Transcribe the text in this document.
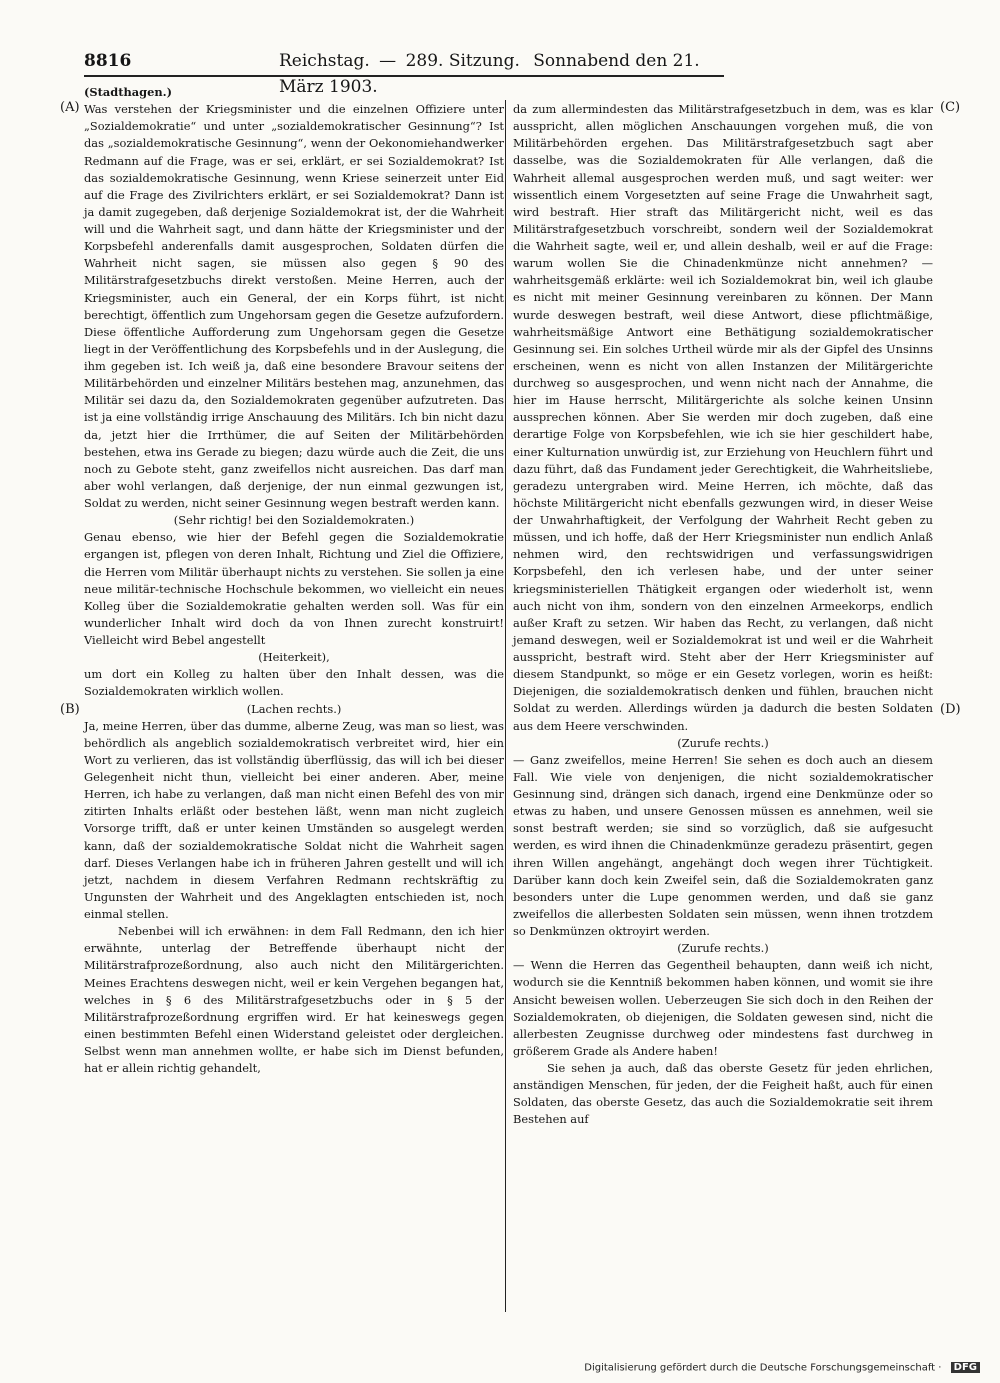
8816	Reichstag. — 289. Sitzung. Sonnabend den 21. März 1903.
(A)
(B)
(C)
(D)

(Stadthagen.)

Was verstehen der Kriegsminister und die einzelnen Offiziere unter „Sozialdemokratie“ und unter „sozialdemokratischer Gesinnung“? Ist das „sozialdemokratische Gesinnung“, wenn der Oekonomiehandwerker Redmann auf die Frage, was er sei, erklärt, er sei Sozialdemokrat? Ist das sozialdemokratische Gesinnung, wenn Kriese seinerzeit unter Eid auf die Frage des Zivilrichters erklärt, er sei Sozialdemokrat? Dann ist ja damit zugegeben, daß derjenige Sozialdemokrat ist, der die Wahrheit will und die Wahrheit sagt, und dann hätte der Kriegsminister und der Korpsbefehl anderenfalls damit ausgesprochen, Soldaten dürfen die Wahrheit nicht sagen, sie müssen also gegen § 90 des Militärstrafgesetzbuchs direkt verstoßen. Meine Herren, auch der Kriegsminister, auch ein General, der ein Korps führt, ist nicht berechtigt, öffentlich zum Ungehorsam gegen die Gesetze aufzufordern. Diese öffentliche Aufforderung zum Ungehorsam gegen die Gesetze liegt in der Veröffentlichung des Korpsbefehls und in der Auslegung, die ihm gegeben ist. Ich weiß ja, daß eine besondere Bravour seitens der Militärbehörden und einzelner Militärs bestehen mag, anzunehmen, das Militär sei dazu da, den Sozialdemokraten gegenüber aufzutreten. Das ist ja eine vollständig irrige Anschauung des Militärs. Ich bin nicht dazu da, jetzt hier die Irrthümer, die auf Seiten der Militärbehörden bestehen, etwa ins Gerade zu biegen; dazu würde auch die Zeit, die uns noch zu Gebote steht, ganz zweifellos nicht ausreichen. Das darf man aber wohl verlangen, daß derjenige, der nun einmal gezwungen ist, Soldat zu werden, nicht seiner Gesinnung wegen bestraft werden kann.

(Sehr richtig! bei den Sozialdemokraten.)

Genau ebenso, wie hier der Befehl gegen die Sozialdemokratie ergangen ist, pflegen von deren Inhalt, Richtung und Ziel die Offiziere, die Herren vom Militär überhaupt nichts zu verstehen. Sie sollen ja eine neue militär-technische Hochschule bekommen, wo vielleicht ein neues Kolleg über die Sozialdemokratie gehalten werden soll. Was für ein wunderlicher Inhalt wird doch da von Ihnen zurecht konstruirt! Vielleicht wird Bebel angestellt

(Heiterkeit),

um dort ein Kolleg zu halten über den Inhalt dessen, was die Sozialdemokraten wirklich wollen.

(Lachen rechts.)

Ja, meine Herren, über das dumme, alberne Zeug, was man so liest, was behördlich als angeblich sozialdemokratisch verbreitet wird, hier ein Wort zu verlieren, das ist vollständig überflüssig, das will ich bei dieser Gelegenheit nicht thun, vielleicht bei einer anderen. Aber, meine Herren, ich habe zu verlangen, daß man nicht einen Befehl des von mir zitirten Inhalts erläßt oder bestehen läßt, wenn man nicht zugleich Vorsorge trifft, daß er unter keinen Umständen so ausgelegt werden kann, daß der sozialdemokratische Soldat nicht die Wahrheit sagen darf. Dieses Verlangen habe ich in früheren Jahren gestellt und will ich jetzt, nachdem in diesem Verfahren Redmann rechtskräftig zu Ungunsten der Wahrheit und des Angeklagten entschieden ist, noch einmal stellen.

Nebenbei will ich erwähnen: in dem Fall Redmann, den ich hier erwähnte, unterlag der Betreffende überhaupt nicht der Militärstrafprozeßordnung, also auch nicht den Militärgerichten. Meines Erachtens deswegen nicht, weil er kein Vergehen begangen hat, welches in § 6 des Militärstrafgesetzbuchs oder in § 5 der Militärstrafprozeßordnung ergriffen wird. Er hat keineswegs gegen einen bestimmten Befehl einen Widerstand geleistet oder dergleichen. Selbst wenn man annehmen wollte, er habe sich im Dienst befunden, hat er allein richtig gehandelt,

da zum allermindesten das Militärstrafgesetzbuch in dem, was es klar ausspricht, allen möglichen Anschauungen vorgehen muß, die von Militärbehörden ergehen. Das Militärstrafgesetzbuch sagt aber dasselbe, was die Sozialdemokraten für Alle verlangen, daß die Wahrheit allemal ausgesprochen werden muß, und sagt weiter: wer wissentlich einem Vorgesetzten auf seine Frage die Unwahrheit sagt, wird bestraft. Hier straft das Militärgericht nicht, weil es das Militärstrafgesetzbuch vorschreibt, sondern weil der Sozialdemokrat die Wahrheit sagte, weil er, und allein deshalb, weil er auf die Frage: warum wollen Sie die Chinadenkmünze nicht annehmen? — wahrheitsgemäß erklärte: weil ich Sozialdemokrat bin, weil ich glaube es nicht mit meiner Gesinnung vereinbaren zu können. Der Mann wurde deswegen bestraft, weil diese Antwort, diese pflichtmäßige, wahrheitsmäßige Antwort eine Bethätigung sozialdemokratischer Gesinnung sei. Ein solches Urtheil würde mir als der Gipfel des Unsinns erscheinen, wenn es nicht von allen Instanzen der Militärgerichte durchweg so ausgesprochen, und wenn nicht nach der Annahme, die hier im Hause herrscht, Militärgerichte als solche keinen Unsinn aussprechen können. Aber Sie werden mir doch zugeben, daß eine derartige Folge von Korpsbefehlen, wie ich sie hier geschildert habe, einer Kulturnation unwürdig ist, zur Erziehung von Heuchlern führt und dazu führt, daß das Fundament jeder Gerechtigkeit, die Wahrheitsliebe, geradezu untergraben wird. Meine Herren, ich möchte, daß das höchste Militärgericht nicht ebenfalls gezwungen wird, in dieser Weise der Unwahrhaftigkeit, der Verfolgung der Wahrheit Recht geben zu müssen, und ich hoffe, daß der Herr Kriegsminister nun endlich Anlaß nehmen wird, den rechtswidrigen und verfassungswidrigen Korpsbefehl, den ich verlesen habe, und der unter seiner kriegsministeriellen Thätigkeit ergangen oder wiederholt ist, wenn auch nicht von ihm, sondern von den einzelnen Armeekorps, endlich außer Kraft zu setzen. Wir haben das Recht, zu verlangen, daß nicht jemand deswegen, weil er Sozialdemokrat ist und weil er die Wahrheit ausspricht, bestraft wird. Steht aber der Herr Kriegsminister auf diesem Standpunkt, so möge er ein Gesetz vorlegen, worin es heißt: Diejenigen, die sozialdemokratisch denken und fühlen, brauchen nicht Soldat zu werden. Allerdings würden ja dadurch die besten Soldaten aus dem Heere verschwinden.

(Zurufe rechts.)

— Ganz zweifellos, meine Herren! Sie sehen es doch auch an diesem Fall. Wie viele von denjenigen, die nicht sozialdemokratischer Gesinnung sind, drängen sich danach, irgend eine Denkmünze oder so etwas zu haben, und unsere Genossen müssen es annehmen, weil sie sonst bestraft werden; sie sind so vorzüglich, daß sie aufgesucht werden, es wird ihnen die Chinadenkmünze geradezu präsentirt, gegen ihren Willen angehängt, angehängt doch wegen ihrer Tüchtigkeit. Darüber kann doch kein Zweifel sein, daß die Sozialdemokraten ganz besonders unter die Lupe genommen werden, und daß sie ganz zweifellos die allerbesten Soldaten sein müssen, wenn ihnen trotzdem so Denkmünzen oktroyirt werden.

(Zurufe rechts.)

— Wenn die Herren das Gegentheil behaupten, dann weiß ich nicht, wodurch sie die Kenntniß bekommen haben können, und womit sie ihre Ansicht beweisen wollen. Ueberzeugen Sie sich doch in den Reihen der Sozialdemokraten, ob diejenigen, die Soldaten gewesen sind, nicht die allerbesten Zeugnisse durchweg oder mindestens fast durchweg in größerem Grade als Andere haben!

Sie sehen ja auch, daß das oberste Gesetz für jeden ehrlichen, anständigen Menschen, für jeden, der die Feigheit haßt, auch für einen Soldaten, das oberste Gesetz, das auch die Sozialdemokratie seit ihrem Bestehen auf

Digitalisierung gefördert durch die Deutsche Forschungsgemeinschaft · DFG
